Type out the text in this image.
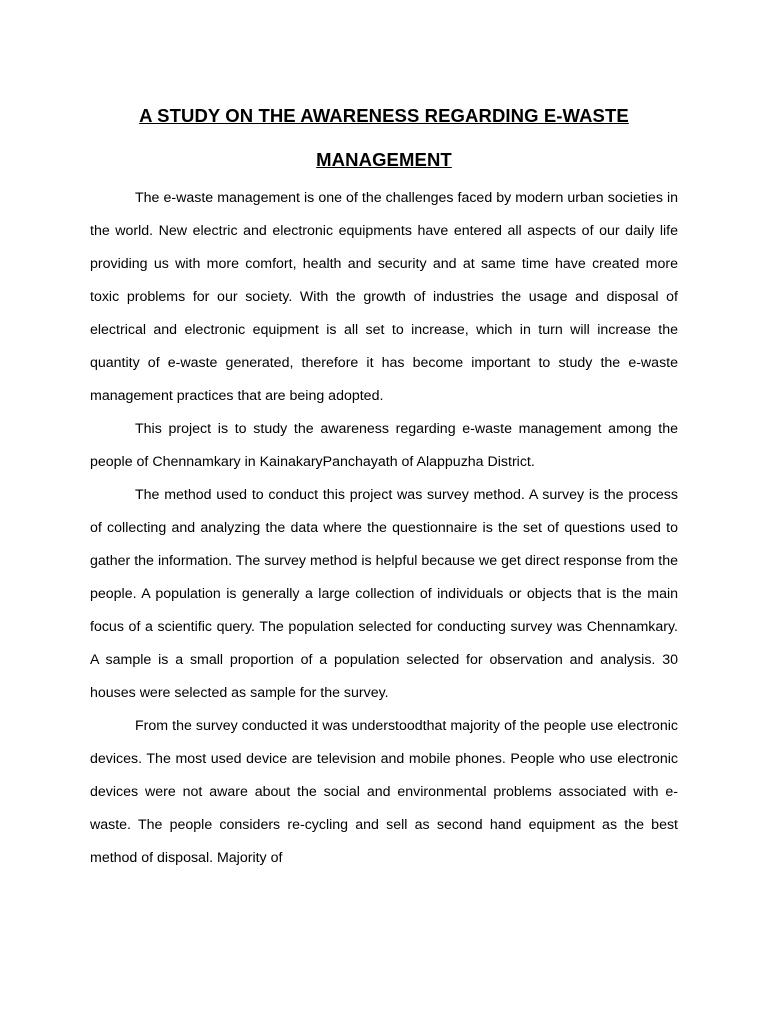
A STUDY ON THE AWARENESS REGARDING E-WASTE
MANAGEMENT

The e-waste management is one of the challenges faced by modern urban societies in the world. New electric and electronic equipments have entered all aspects of our daily life providing us with more comfort, health and security and at same time have created more toxic problems for our society. With the growth of industries the usage and disposal of electrical and electronic equipment is all set to increase, which in turn will increase the quantity of e-waste generated, therefore it has become important to study the e-waste management practices that are being adopted.

This project is to study the awareness regarding e-waste management among the people of Chennamkary in KainakaryPanchayath of Alappuzha District.

The method used to conduct this project was survey method. A survey is the process of collecting and analyzing the data where the questionnaire is the set of questions used to gather the information. The survey method is helpful because we get direct response from the people. A population is generally a large collection of individuals or objects that is the main focus of a scientific query. The population selected for conducting survey was Chennamkary. A sample is a small proportion of a population selected for observation and analysis. 30 houses were selected as sample for the survey.

From the survey conducted it was understoodthat majority of the people use electronic devices. The most used device are television and mobile phones. People who use electronic devices were not aware about the social and environmental problems associated with e-waste. The people considers re-cycling and sell as second hand equipment as the best method of disposal. Majority of
